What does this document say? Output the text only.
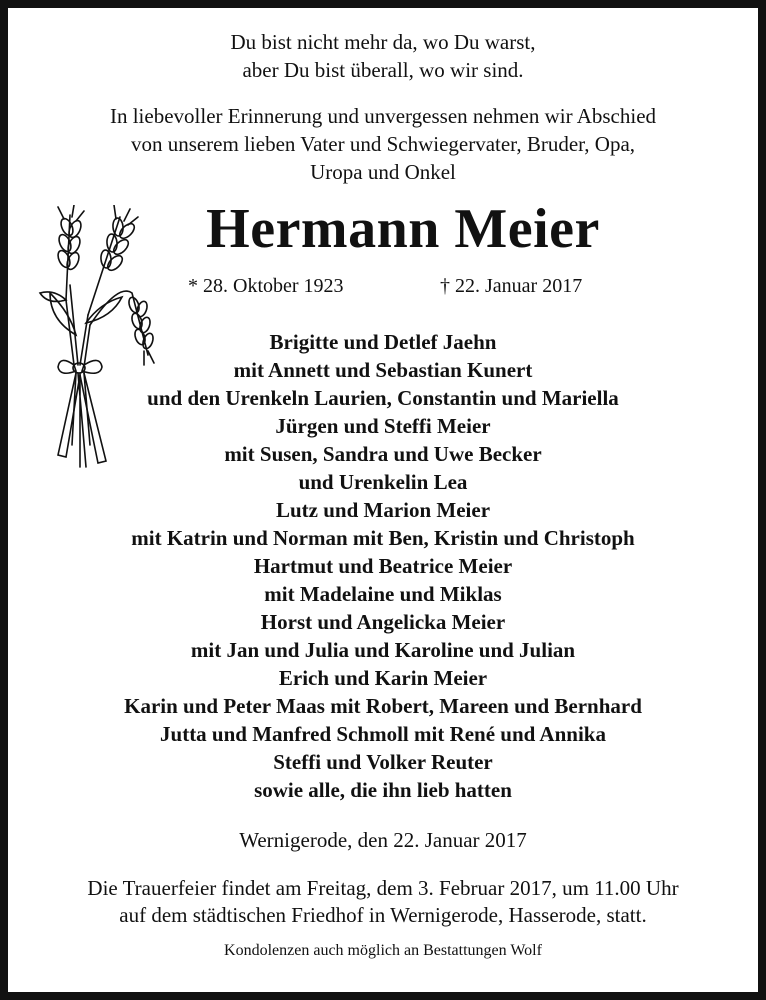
Du bist nicht mehr da, wo Du warst,
aber Du bist überall, wo wir sind.
In liebevoller Erinnerung und unvergessen nehmen wir Abschied
von unserem lieben Vater und Schwiegervater, Bruder, Opa,
Uropa und Onkel
Hermann Meier
* 28. Oktober 1923	† 22. Januar 2017
Brigitte und Detlef Jaehn
mit Annett und Sebastian Kunert
und den Urenkeln Laurien, Constantin und Mariella
Jürgen und Steffi Meier
mit Susen, Sandra und Uwe Becker
und Urenkelin Lea
Lutz und Marion Meier
mit Katrin und Norman mit Ben, Kristin und Christoph
Hartmut und Beatrice Meier
mit Madelaine und Miklas
Horst und Angelicka Meier
mit Jan und Julia und Karoline und Julian
Erich und Karin Meier
Karin und Peter Maas mit Robert, Mareen und Bernhard
Jutta und Manfred Schmoll mit René und Annika
Steffi und Volker Reuter
sowie alle, die ihn lieb hatten
Wernigerode, den 22. Januar 2017
Die Trauerfeier findet am Freitag, dem 3. Februar 2017, um 11.00 Uhr
auf dem städtischen Friedhof in Wernigerode, Hasserode, statt.
Kondolenzen auch möglich an Bestattungen Wolf
